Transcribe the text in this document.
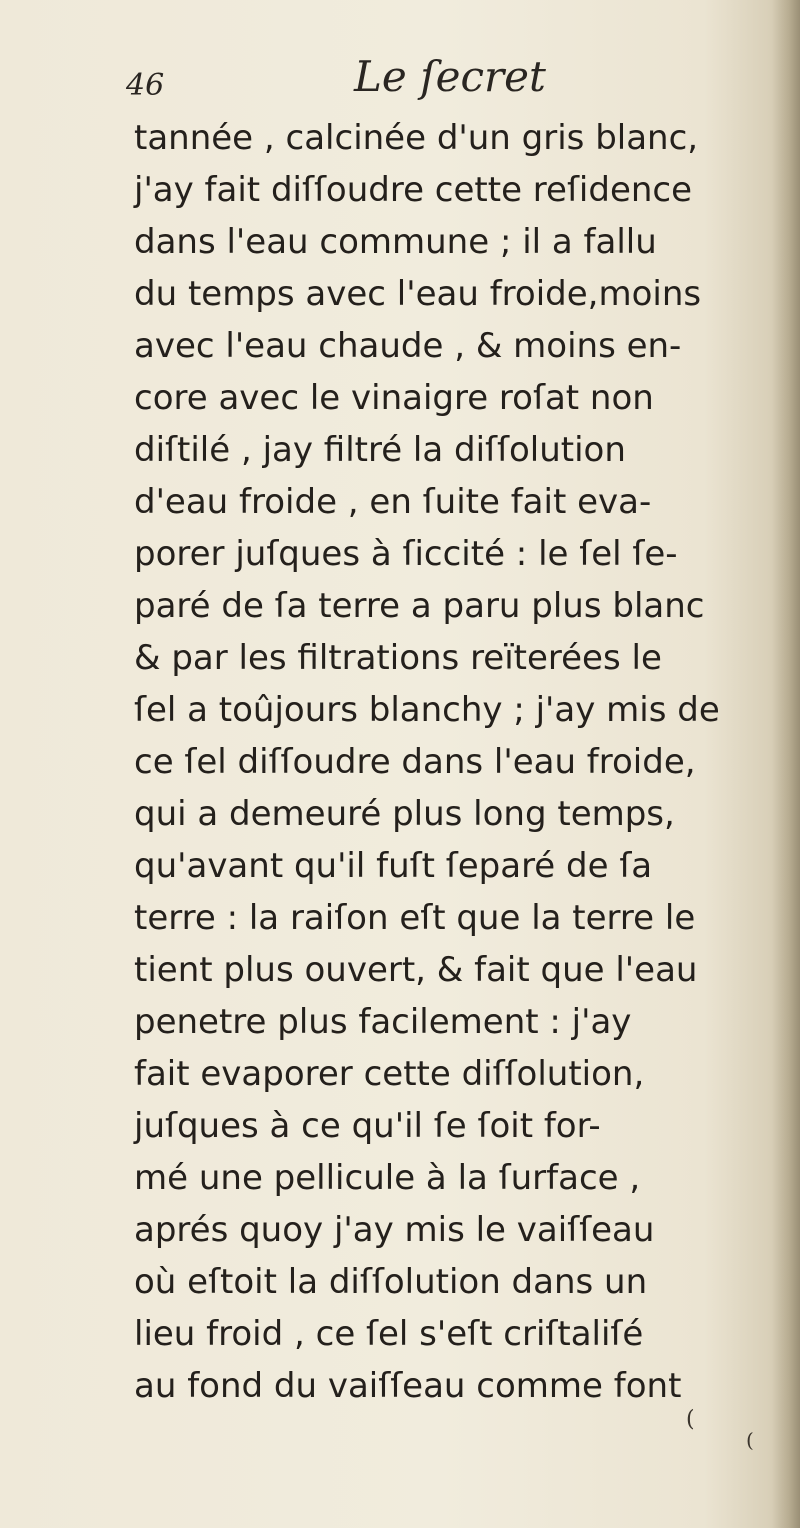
46	Le ſecret
tannée , calcinée d'un gris blanc,
j'ay fait diſſoudre cette reſidence
dans l'eau commune ; il a fallu
du temps avec l'eau froide,moins
avec l'eau chaude , & moins en-
core avec le vinaigre roſat non
diſtilé , jay filtré la diſſolution
d'eau froide , en ſuite fait eva-
porer juſques à ſiccité : le ſel ſe-
paré de ſa terre a paru plus blanc
& par les filtrations reïterées le
ſel a toûjours blanchy ; j'ay mis de
ce ſel diſſoudre dans l'eau froide,
qui a demeuré plus long temps,
qu'avant qu'il fuſt ſeparé de ſa
terre : la raiſon eſt que la terre le
tient plus ouvert, & fait que l'eau
penetre plus facilement : j'ay
fait evaporer cette diſſolution,
juſques à ce qu'il ſe ſoit for-
mé une pellicule à la ſurface ,
aprés quoy j'ay mis le vaiſſeau
où eſtoit la diſſolution dans un
lieu froid , ce ſel s'eſt criſtaliſé
au fond du vaiſſeau comme font
(
(
